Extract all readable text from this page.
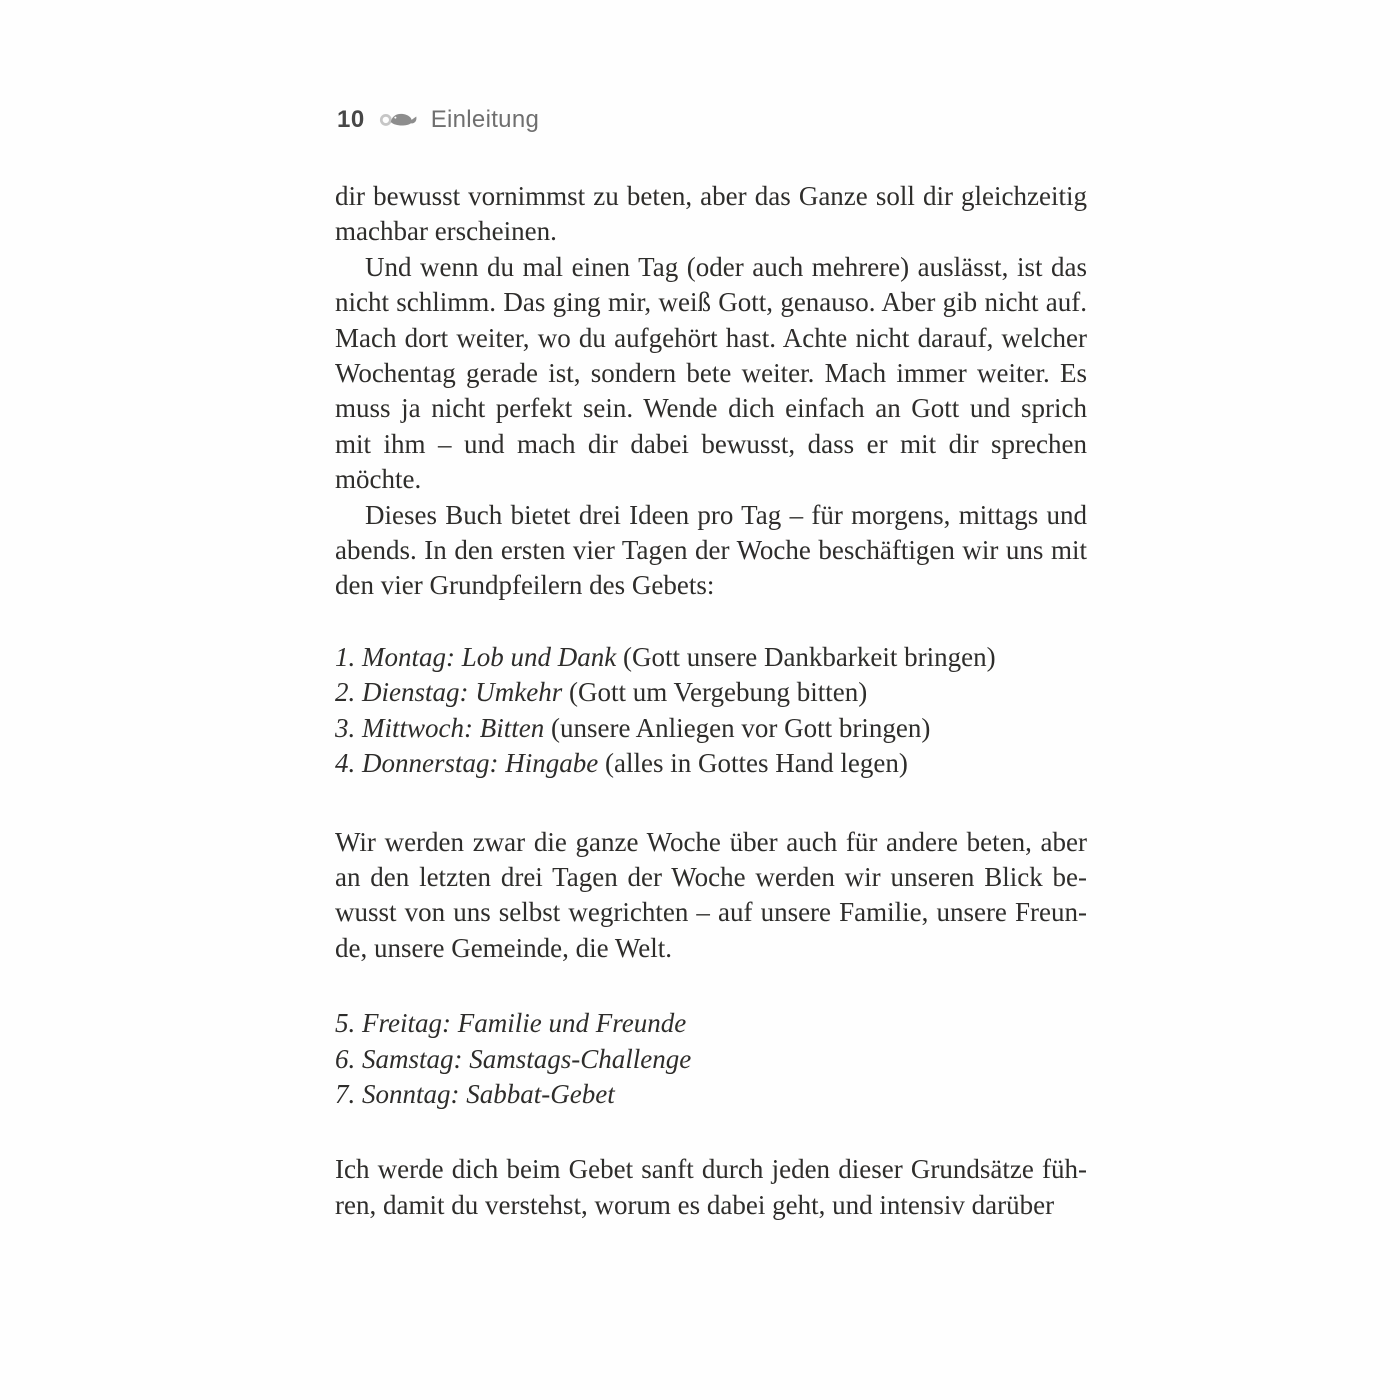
10	Einleitung
dir bewusst vornimmst zu beten, aber das Ganze soll dir gleichzeitig
machbar erscheinen.
Und wenn du mal einen Tag (oder auch mehrere) auslässt, ist das
nicht schlimm. Das ging mir, weiß Gott, genauso. Aber gib nicht auf.
Mach dort weiter, wo du aufgehört hast. Achte nicht darauf, welcher
Wochentag gerade ist, sondern bete weiter. Mach immer weiter. Es
muss ja nicht perfekt sein. Wende dich einfach an Gott und sprich
mit ihm – und mach dir dabei bewusst, dass er mit dir sprechen
möchte.
Dieses Buch bietet drei Ideen pro Tag – für morgens, mittags und
abends. In den ersten vier Tagen der Woche beschäftigen wir uns mit
den vier Grundpfeilern des Gebets:
1. Montag: Lob und Dank (Gott unsere Dankbarkeit bringen)
2. Dienstag: Umkehr (Gott um Vergebung bitten)
3. Mittwoch: Bitten (unsere Anliegen vor Gott bringen)
4. Donnerstag: Hingabe (alles in Gottes Hand legen)
Wir werden zwar die ganze Woche über auch für andere beten, aber
an den letzten drei Tagen der Woche werden wir unseren Blick be-
wusst von uns selbst wegrichten – auf unsere Familie, unsere Freun-
de, unsere Gemeinde, die Welt.
5. Freitag: Familie und Freunde
6. Samstag: Samstags-Challenge
7. Sonntag: Sabbat-Gebet
Ich werde dich beim Gebet sanft durch jeden dieser Grundsätze füh-
ren, damit du verstehst, worum es dabei geht, und intensiv darüber
